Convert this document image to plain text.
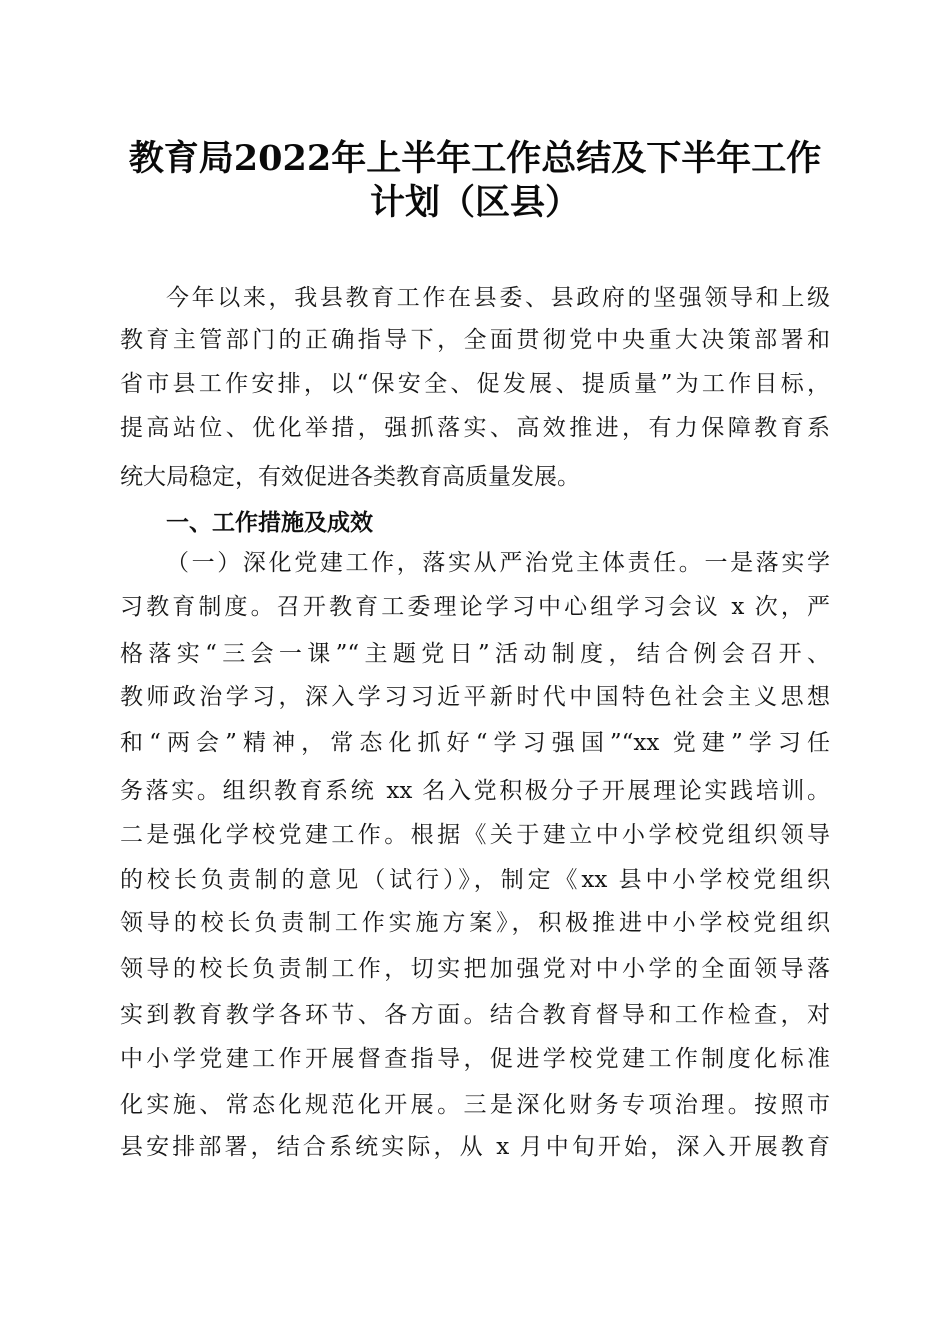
教育局2022年上半年工作总结及下半年工作
计划（区县）
今年以来，我县教育工作在县委、县政府的坚强领导和上级
教育主管部门的正确指导下，全面贯彻党中央重大决策部署和
省市县工作安排，以“保安全、促发展、提质量”为工作目标，
提高站位、优化举措，强抓落实、高效推进，有力保障教育系
统大局稳定，有效促进各类教育高质量发展。
一、工作措施及成效
（一）深化党建工作，落实从严治党主体责任。一是落实学
习教育制度。召开教育工委理论学习中心组学习会议 x 次，严
格落实“三会一课”“主题党日”活动制度，结合例会召开、
教师政治学习，深入学习习近平新时代中国特色社会主义思想
和“两会”精神，常态化抓好“学习强国”“xx 党建”学习任
务落实。组织教育系统 xx 名入党积极分子开展理论实践培训。
二是强化学校党建工作。根据《关于建立中小学校党组织领导
的校长负责制的意见（试行）》，制定《xx 县中小学校党组织
领导的校长负责制工作实施方案》，积极推进中小学校党组织
领导的校长负责制工作，切实把加强党对中小学的全面领导落
实到教育教学各环节、各方面。结合教育督导和工作检查，对
中小学党建工作开展督查指导，促进学校党建工作制度化标准
化实施、常态化规范化开展。三是深化财务专项治理。按照市
县安排部署，结合系统实际，从 x 月中旬开始，深入开展教育
